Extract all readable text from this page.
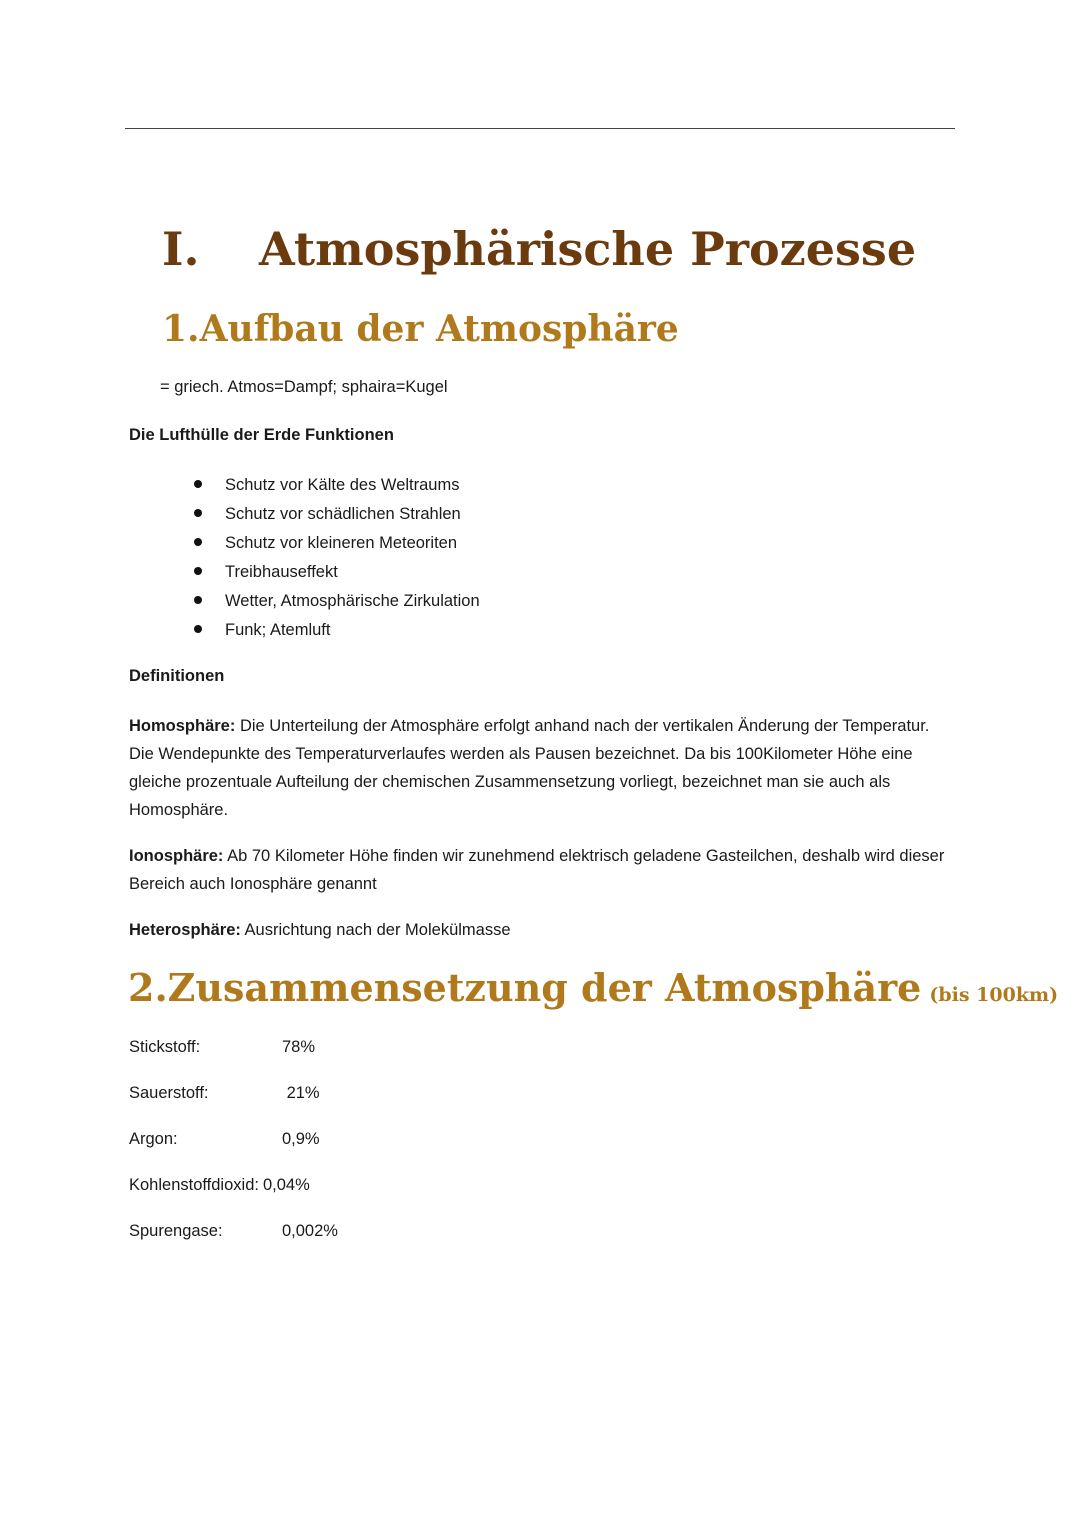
I. Atmosphärische Prozesse
1.Aufbau der Atmosphäre

= griech. Atmos=Dampf; sphaira=Kugel

Die Lufthülle der Erde Funktionen

Schutz vor Kälte des Weltraums
Schutz vor schädlichen Strahlen
Schutz vor kleineren Meteoriten
Treibhauseffekt
Wetter, Atmosphärische Zirkulation
Funk; Atemluft

Definitionen

Homosphäre: Die Unterteilung der Atmosphäre erfolgt anhand nach der vertikalen Änderung der Temperatur. Die Wendepunkte des Temperaturverlaufes werden als Pausen bezeichnet. Da bis 100Kilometer Höhe eine gleiche prozentuale Aufteilung der chemischen Zusammensetzung vorliegt, bezeichnet man sie auch als Homosphäre.

Ionosphäre: Ab 70 Kilometer Höhe finden wir zunehmend elektrisch geladene Gasteilchen, deshalb wird dieser Bereich auch Ionosphäre genannt

Heterosphäre: Ausrichtung nach der Molekülmasse

2.Zusammensetzung der Atmosphäre (bis 100km)
Stickstoff:	78%
Sauerstoff:	21%
Argon:	0,9%
Kohlenstoffdioxid: 0,04%
Spurengase:	0,002%
